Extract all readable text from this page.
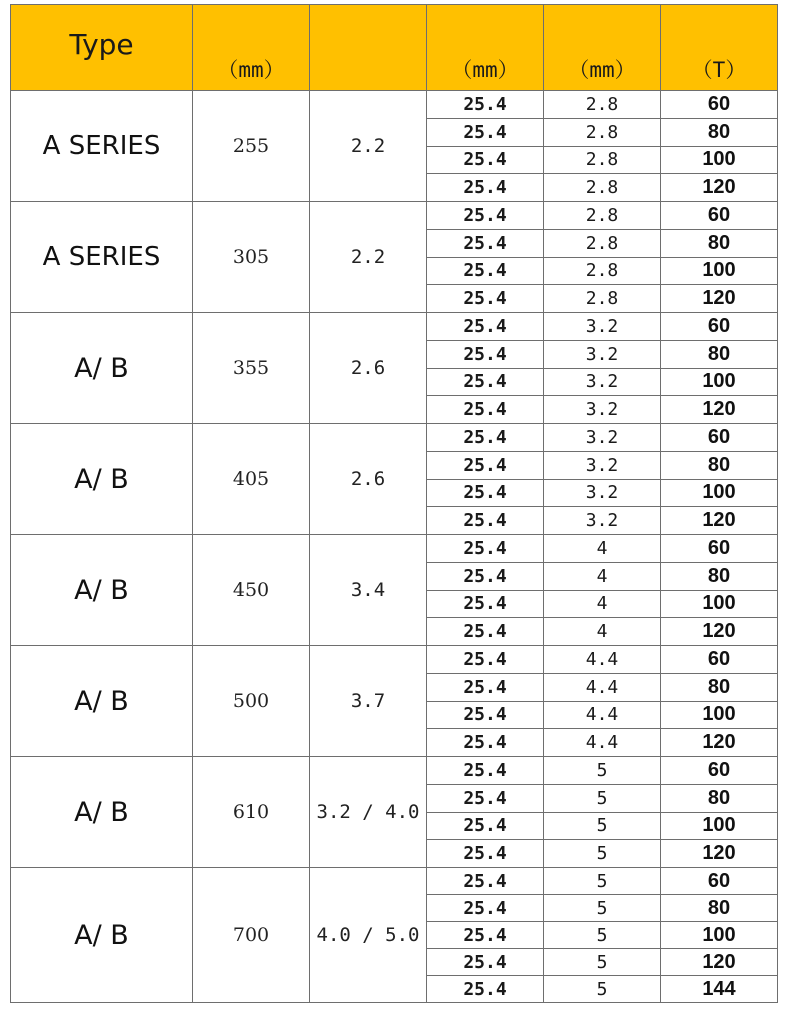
Type	（mm）		（mm）	（mm）	（T）
A SERIES	255	2.2	25.4	2.8	60
			25.4	2.8	80
			25.4	2.8	100
			25.4	2.8	120
A SERIES	305	2.2	25.4	2.8	60
			25.4	2.8	80
			25.4	2.8	100
			25.4	2.8	120
A/ B	355	2.6	25.4	3.2	60
			25.4	3.2	80
			25.4	3.2	100
			25.4	3.2	120
A/ B	405	2.6	25.4	3.2	60
			25.4	3.2	80
			25.4	3.2	100
			25.4	3.2	120
A/ B	450	3.4	25.4	4	60
			25.4	4	80
			25.4	4	100
			25.4	4	120
A/ B	500	3.7	25.4	4.4	60
			25.4	4.4	80
			25.4	4.4	100
			25.4	4.4	120
A/ B	610	3.2 / 4.0	25.4	5	60
			25.4	5	80
			25.4	5	100
			25.4	5	120
A/ B	700	4.0 / 5.0	25.4	5	60
			25.4	5	80
			25.4	5	100
			25.4	5	120
			25.4	5	144
